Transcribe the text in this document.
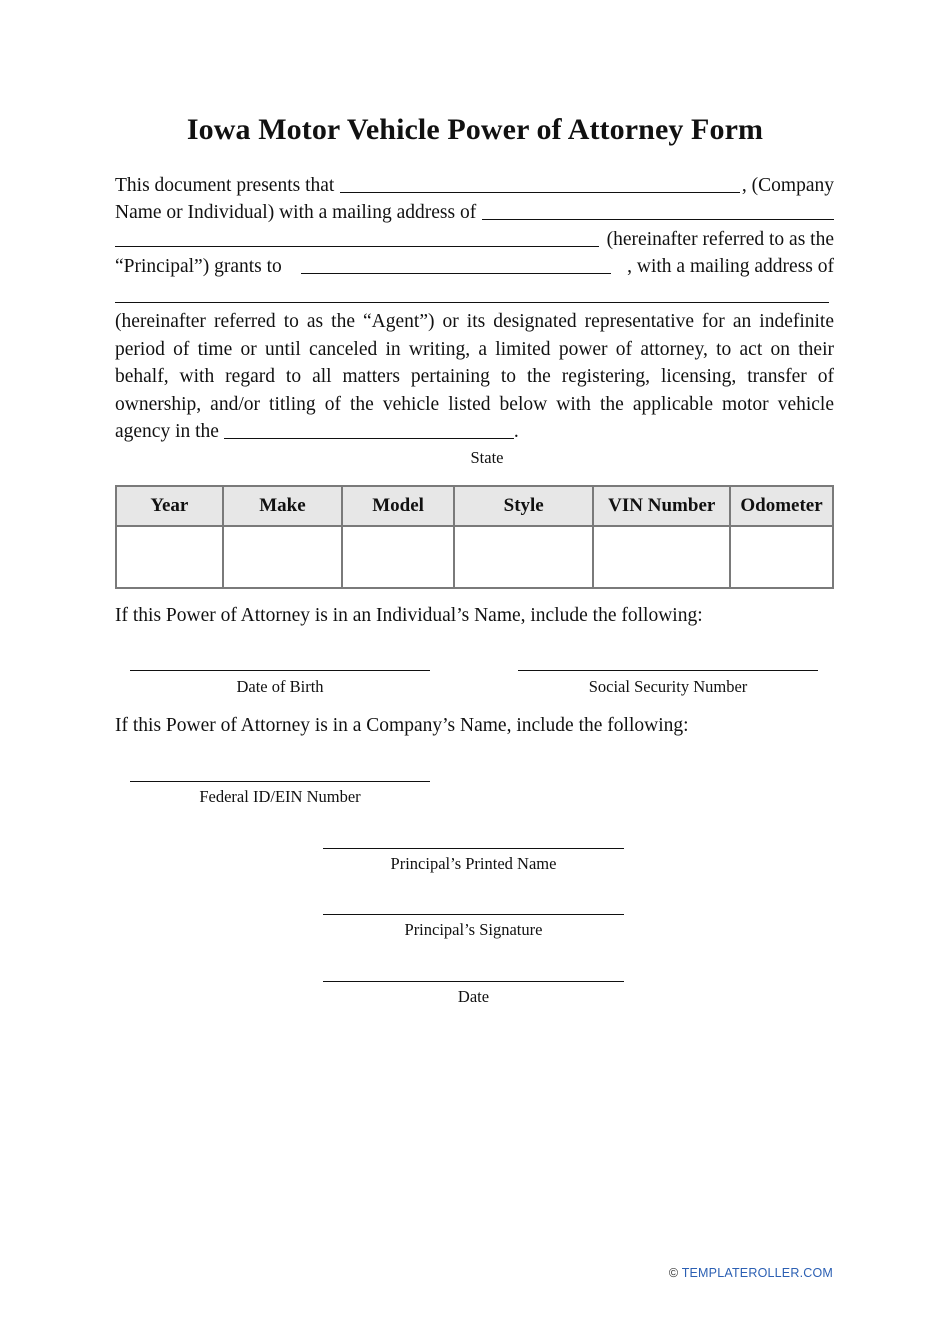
Iowa Motor Vehicle Power of Attorney Form
This document presents that	, (Company
Name or Individual) with a mailing address of
(hereinafter referred to as the
“Principal”) grants to	, with a mailing address of
(hereinafter referred to as the “Agent”) or its designated representative for an indefinite period of time or until canceled in writing, a limited power of attorney, to act on their behalf, with regard to all matters pertaining to the registering, licensing, transfer of ownership, and/or titling of the vehicle listed below with the applicable motor vehicle agency in the	.
State
Year	Make	Model	Style	VIN Number	Odometer

If this Power of Attorney is in an Individual’s Name, include the following:
Date of Birth	Social Security Number
If this Power of Attorney is in a Company’s Name, include the following:
Federal ID/EIN Number
Principal’s Printed Name
Principal’s Signature
Date
© TEMPLATEROLLER.COM
